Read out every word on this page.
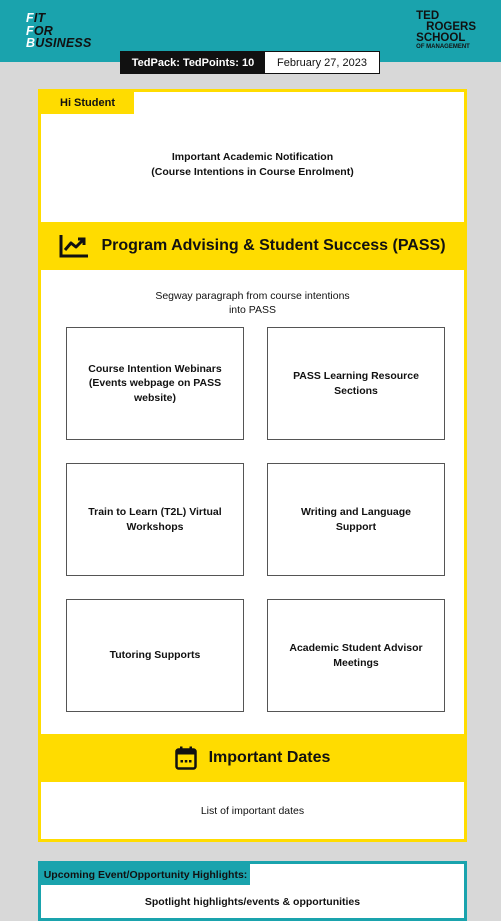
FIT
FOR
BUSINESS
TED
ROGERS
SCHOOL
OF MANAGEMENT
TedPack: TedPoints: 10	February 27, 2023
Hi Student
Important Academic Notification
(Course Intentions in Course Enrolment)
Program Advising & Student Success (PASS)
Segway paragraph from course intentions
into PASS
Course Intention Webinars (Events webpage on PASS website)
PASS Learning Resource Sections
Train to Learn (T2L) Virtual Workshops
Writing and Language Support
Tutoring Supports
Academic Student Advisor Meetings
Important Dates
List of important dates
Upcoming Event/Opportunity Highlights:
Spotlight highlights/events & opportunities
